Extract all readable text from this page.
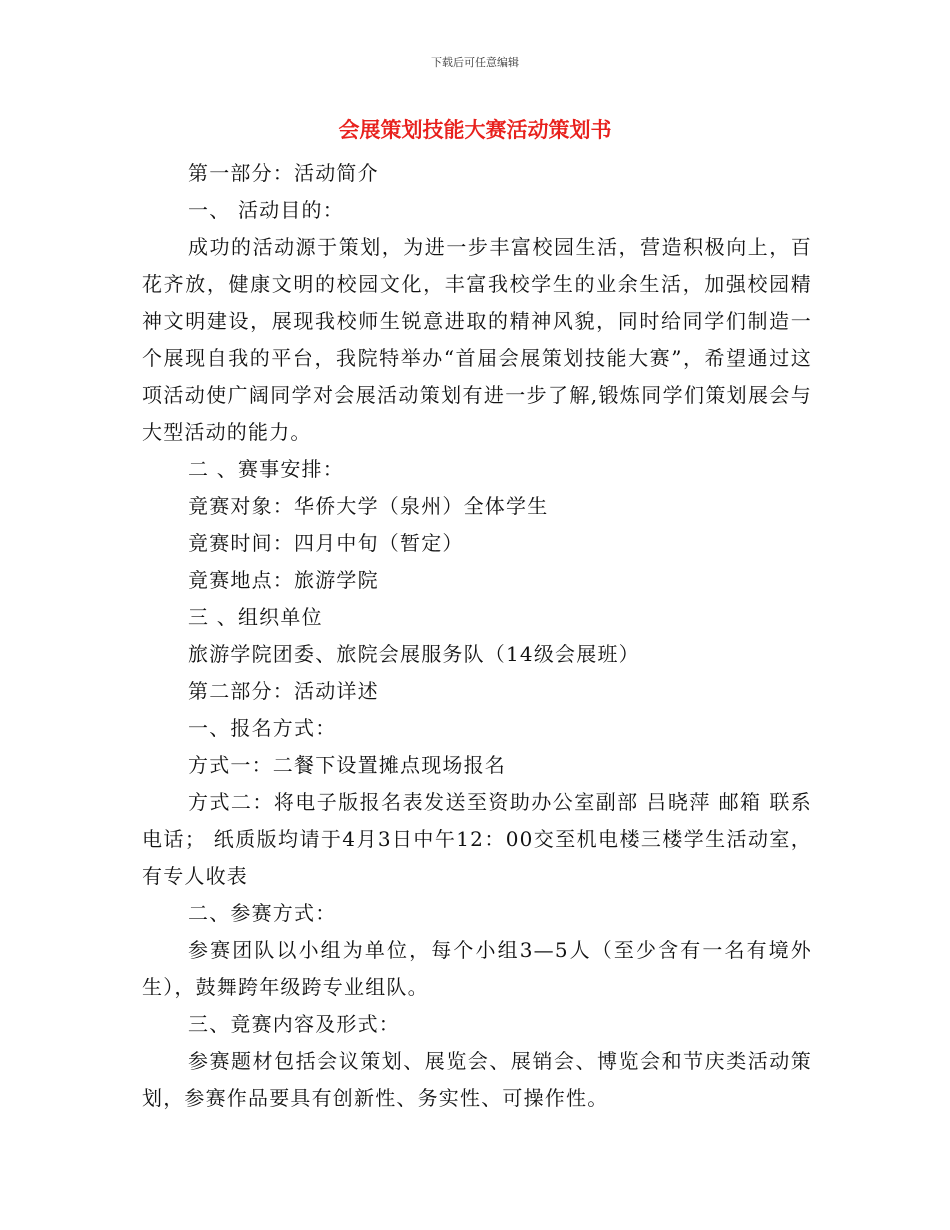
下载后可任意编辑
会展策划技能大赛活动策划书

第一部分：活动简介

一、 活动目的：

成功的活动源于策划，为进一步丰富校园生活，营造积极向上，百花齐放，健康文明的校园文化，丰富我校学生的业余生活，加强校园精神文明建设，展现我校师生锐意进取的精神风貌，同时给同学们制造一个展现自我的平台，我院特举办“首届会展策划技能大赛”，希望通过这项活动使广阔同学对会展活动策划有进一步了解,锻炼同学们策划展会与大型活动的能力。

二 、赛事安排：

竟赛对象：华侨大学（泉州）全体学生

竟赛时间：四月中旬（暂定）

竟赛地点：旅游学院

三 、组织单位

旅游学院团委、旅院会展服务队（14级会展班）

第二部分：活动详述

一、报名方式：

方式一：二餐下设置摊点现场报名

方式二：将电子版报名表发送至资助办公室副部 吕晓萍 邮箱 联系电话； 纸质版均请于4月3日中午12：00交至机电楼三楼学生活动室，有专人收表

二、参赛方式：

参赛团队以小组为单位，每个小组3—5人（至少含有一名有境外生），鼓舞跨年级跨专业组队。

三、竟赛内容及形式：

参赛题材包括会议策划、展览会、展销会、博览会和节庆类活动策划，参赛作品要具有创新性、务实性、可操作性。
